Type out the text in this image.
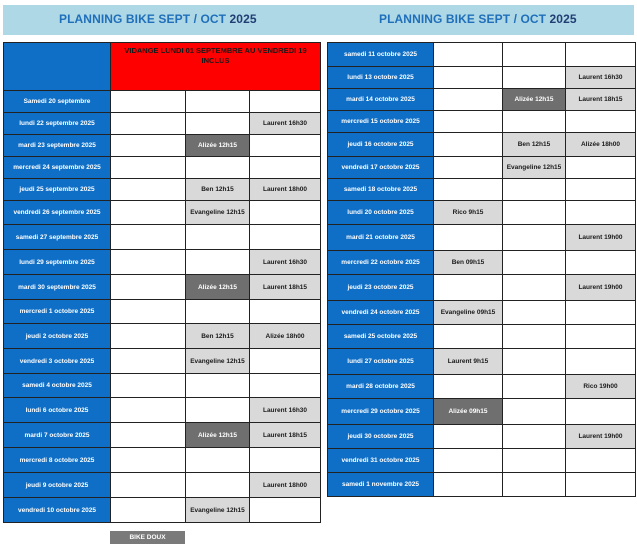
PLANNING BIKE SEPT / OCT 2025	PLANNING BIKE SEPT / OCT 2025
	VIDANGE LUNDI 01 SEPTEMBRE AU VENDREDI 19 INCLUS		
Samedi 20 septembre			
lundi 22 septembre 2025			Laurent 16h30
mardi 23 septembre 2025		Alizée 12h15	
mercredi 24 septembre 2025			
jeudi 25 septembre 2025		Ben 12h15	Laurent 18h00
vendredi 26 septembre 2025		Evangeline 12h15	
samedi 27 septembre 2025			
lundi 29 septembre 2025			Laurent 16h30
mardi 30 septembre 2025		Alizée 12h15	Laurent 18h15
mercredi 1 octobre 2025			
jeudi 2 octobre 2025		Ben 12h15	Alizée 18h00
vendredi 3 octobre 2025		Evangeline 12h15	
samedi 4 octobre 2025			
lundi 6 octobre 2025			Laurent 16h30
mardi 7 octobre 2025		Alizée 12h15	Laurent 18h15
mercredi 8 octobre 2025			
jeudi 9 octobre 2025			Laurent 18h00
vendredi 10 octobre 2025		Evangeline 12h15	
samedi 11 octobre 2025			
lundi 13 octobre 2025			Laurent 16h30
mardi 14 octobre 2025		Alizée 12h15	Laurent 18h15
mercredi 15 octobre 2025			
jeudi 16 octobre 2025		Ben 12h15	Alizée 18h00
vendredi 17 octobre 2025		Evangeline 12h15	
samedi 18 octobre 2025			
lundi 20 octobre 2025	Rico 9h15		
mardi 21 octobre 2025			Laurent 19h00
mercredi 22 octobre 2025	Ben 09h15		
jeudi 23 octobre 2025			Laurent 19h00
vendredi 24 octobre 2025	Evangeline 09h15		
samedi 25 octobre 2025			
lundi 27 octobre 2025	Laurent 9h15		
mardi 28 octobre 2025			Rico 19h00
mercredi 29 octobre 2025	Alizée 09h15		
jeudi 30 octobre 2025			Laurent 19h00
vendredi 31 octobre 2025			
samedi 1 novembre 2025			
BIKE DOUX
